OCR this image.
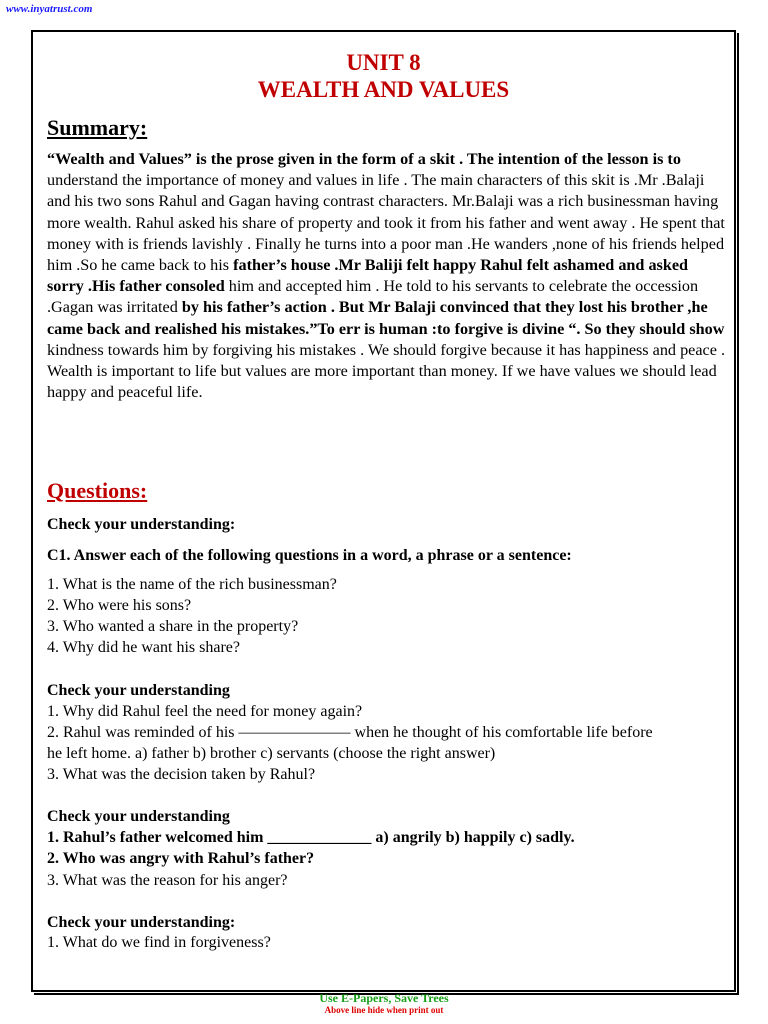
www.inyatrust.com
UNIT 8
WEALTH AND VALUES
Summary:

“Wealth and Values” is the prose given in the form of a skit . The intention of the lesson is to understand the importance of money and values in life . The main characters of this skit is .Mr .Balaji and his two sons Rahul and Gagan having contrast characters. Mr.Balaji was a rich businessman having more wealth. Rahul asked his share of property and took it from his father and went away . He spent that money with is friends lavishly . Finally he turns into a poor man .He wanders ,none of his friends helped him .So he came back to his father’s house .Mr Baliji felt happy Rahul felt ashamed and asked sorry .His father consoled him and accepted him . He told to his servants to celebrate the occession .Gagan was irritated by his father’s action . But Mr Balaji convinced that they lost his brother ,he came back and realished his mistakes.”To err is human :to forgive is divine “. So they should show kindness towards him by forgiving his mistakes . We should forgive because it has happiness and peace . Wealth is important to life but values are more important than money. If we have values we should lead happy and peaceful life.

Questions:
Check your understanding:
C1. Answer each of the following questions in a word, a phrase or a sentence:
1. What is the name of the rich businessman?
2. Who were his sons?
3. Who wanted a share in the property?
4. Why did he want his share?
Check your understanding
1. Why did Rahul feel the need for money again?
2. Rahul was reminded of his ——————— when he thought of his comfortable life before
he left home. a) father b) brother c) servants (choose the right answer)
3. What was the decision taken by Rahul?
Check your understanding
1. Rahul’s father welcomed him _____________ a) angrily b) happily c) sadly.
2. Who was angry with Rahul’s father?
3. What was the reason for his anger?
Check your understanding:
1. What do we find in forgiveness?
Use E-Papers, Save Trees
Above line hide when print out
